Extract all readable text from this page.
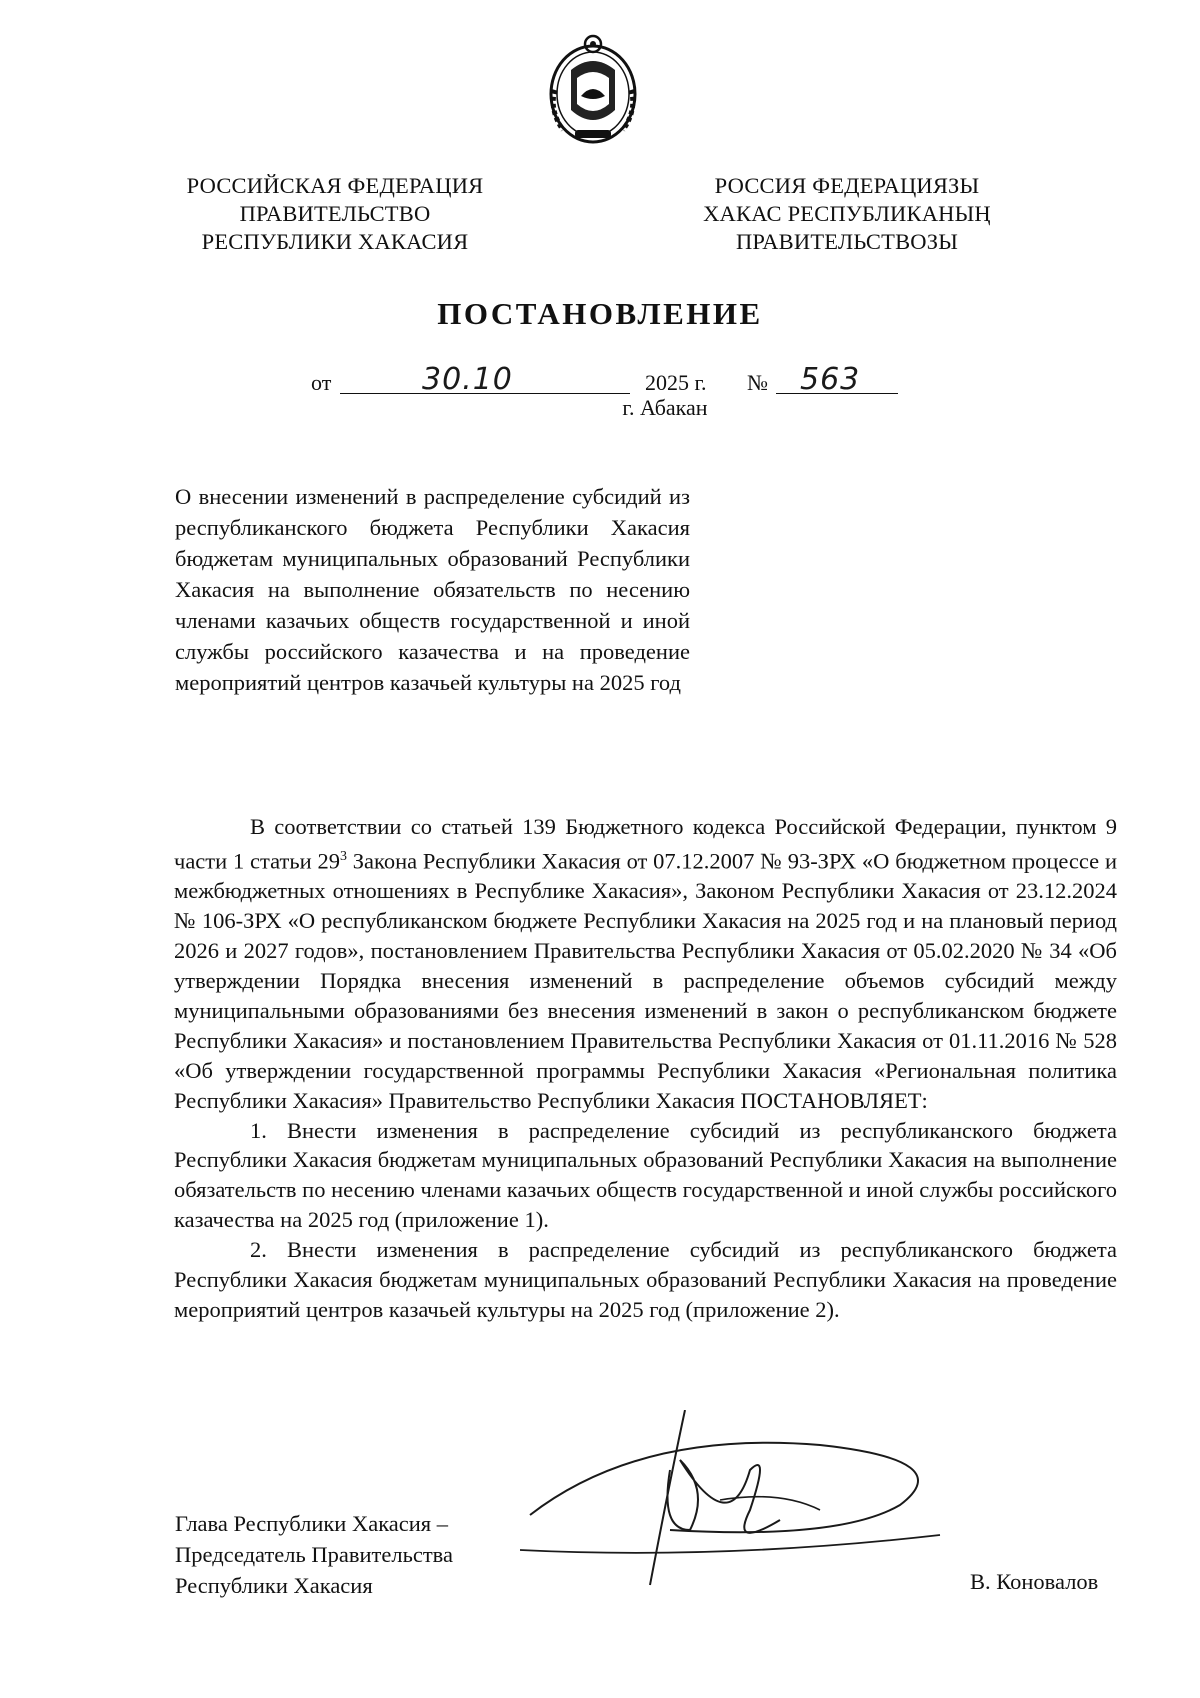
РОССИЙСКАЯ ФЕДЕРАЦИЯ
ПРАВИТЕЛЬСТВО
РЕСПУБЛИКИ ХАКАСИЯ
РОССИЯ ФЕДЕРАЦИЯЗЫ
ХАКАС РЕСПУБЛИКАНЫҢ
ПРАВИТЕЛЬСТВОЗЫ
ПОСТАНОВЛЕНИЕ
от	30.10	2025 г. № 563
г. Абакан
О внесении изменений в распределение субсидий из республиканского бюджета Республики Хакасия бюджетам муниципальных образований Республики Хакасия на выполнение обязательств по несению членами казачьих обществ государственной и иной службы российского казачества и на проведение мероприятий центров казачьей культуры на 2025 год

В соответствии со статьей 139 Бюджетного кодекса Российской Федерации, пунктом 9 части 1 статьи $29^3$ Закона Республики Хакасия от 07.12.2007 № 93-ЗРХ «О бюджетном процессе и межбюджетных отношениях в Республике Хакасия», Законом Республики Хакасия от 23.12.2024 № 106-ЗРХ «О республиканском бюджете Республики Хакасия на 2025 год и на плановый период 2026 и 2027 годов», постановлением Правительства Республики Хакасия от 05.02.2020 № 34 «Об утверждении Порядка внесения изменений в распределение объемов субсидий между муниципальными образованиями без внесения изменений в закон о республиканском бюджете Республики Хакасия» и постановлением Правительства Республики Хакасия от 01.11.2016 № 528 «Об утверждении государственной программы Республики Хакасия «Региональная политика Республики Хакасия» Правительство Республики Хакасия ПОСТАНОВЛЯЕТ:

1. Внести изменения в распределение субсидий из республиканского бюджета Республики Хакасия бюджетам муниципальных образований Республики Хакасия на выполнение обязательств по несению членами казачьих обществ государственной и иной службы российского казачества на 2025 год (приложение 1).

2. Внести изменения в распределение субсидий из республиканского бюджета Республики Хакасия бюджетам муниципальных образований Республики Хакасия на проведение мероприятий центров казачьей культуры на 2025 год (приложение 2).

Глава Республики Хакасия –
Председатель Правительства
Республики Хакасия	В. Коновалов
